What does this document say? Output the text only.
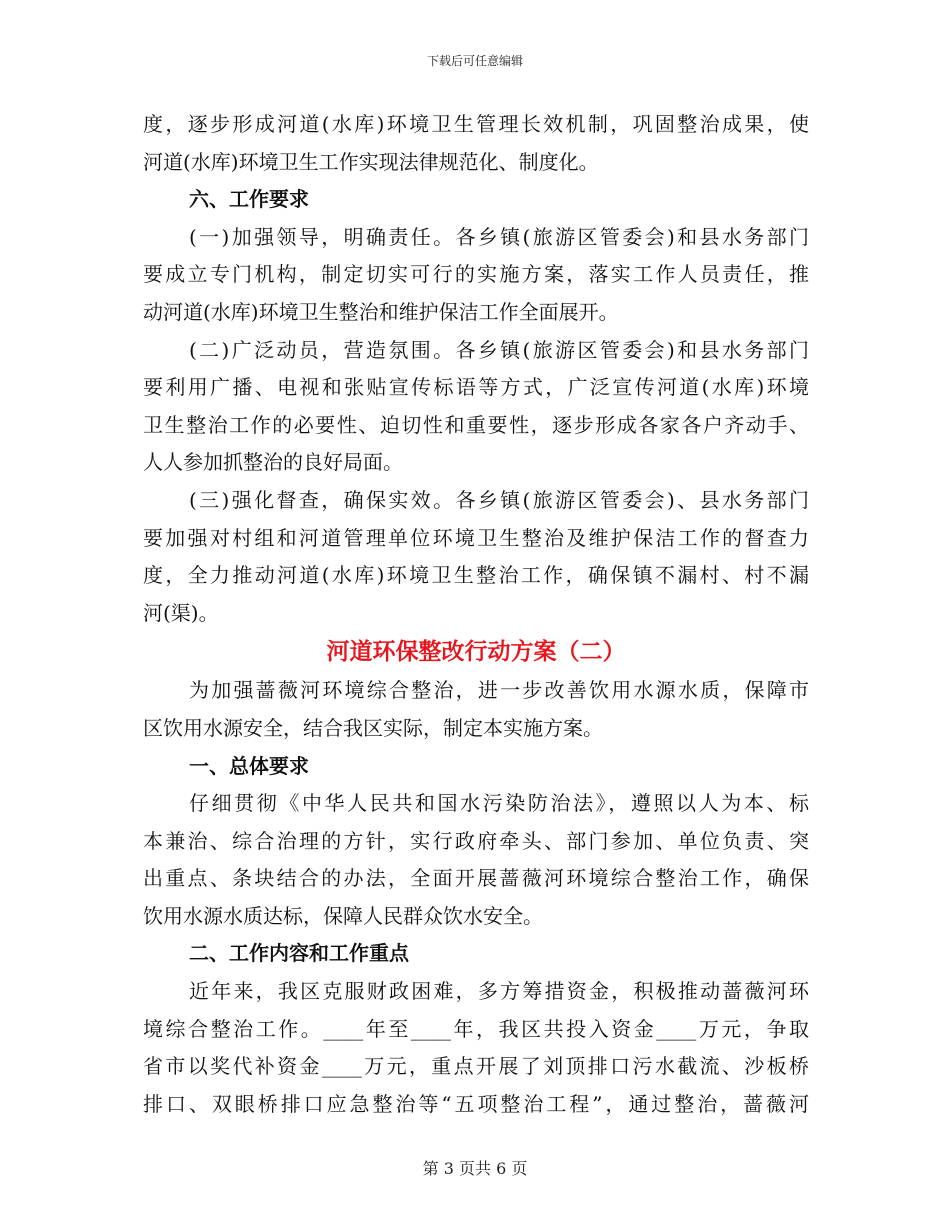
下载后可任意编辑
度，逐步形成河道(水库)环境卫生管理长效机制，巩固整治成果，使
河道(水库)环境卫生工作实现法律规范化、制度化。
六、工作要求
(一)加强领导，明确责任。各乡镇(旅游区管委会)和县水务部门
要成立专门机构，制定切实可行的实施方案，落实工作人员责任，推
动河道(水库)环境卫生整治和维护保洁工作全面展开。
(二)广泛动员，营造氛围。各乡镇(旅游区管委会)和县水务部门
要利用广播、电视和张贴宣传标语等方式，广泛宣传河道(水库)环境
卫生整治工作的必要性、迫切性和重要性，逐步形成各家各户齐动手、
人人参加抓整治的良好局面。
(三)强化督查，确保实效。各乡镇(旅游区管委会)、县水务部门
要加强对村组和河道管理单位环境卫生整治及维护保洁工作的督查力
度，全力推动河道(水库)环境卫生整治工作，确保镇不漏村、村不漏
河(渠)。
河道环保整改行动方案（二）
为加强蔷薇河环境综合整治，进一步改善饮用水源水质，保障市
区饮用水源安全，结合我区实际，制定本实施方案。
一、总体要求
仔细贯彻《中华人民共和国水污染防治法》，遵照以人为本、标
本兼治、综合治理的方针，实行政府牵头、部门参加、单位负责、突
出重点、条块结合的办法，全面开展蔷薇河环境综合整治工作，确保
饮用水源水质达标，保障人民群众饮水安全。
二、工作内容和工作重点
近年来，我区克服财政困难，多方筹措资金，积极推动蔷薇河环
境综合整治工作。____年至____年，我区共投入资金____万元，争取
省市以奖代补资金____万元，重点开展了刘顶排口污水截流、沙板桥
排口、双眼桥排口应急整治等“五项整治工程”，通过整治，蔷薇河
第 3 页共 6 页
